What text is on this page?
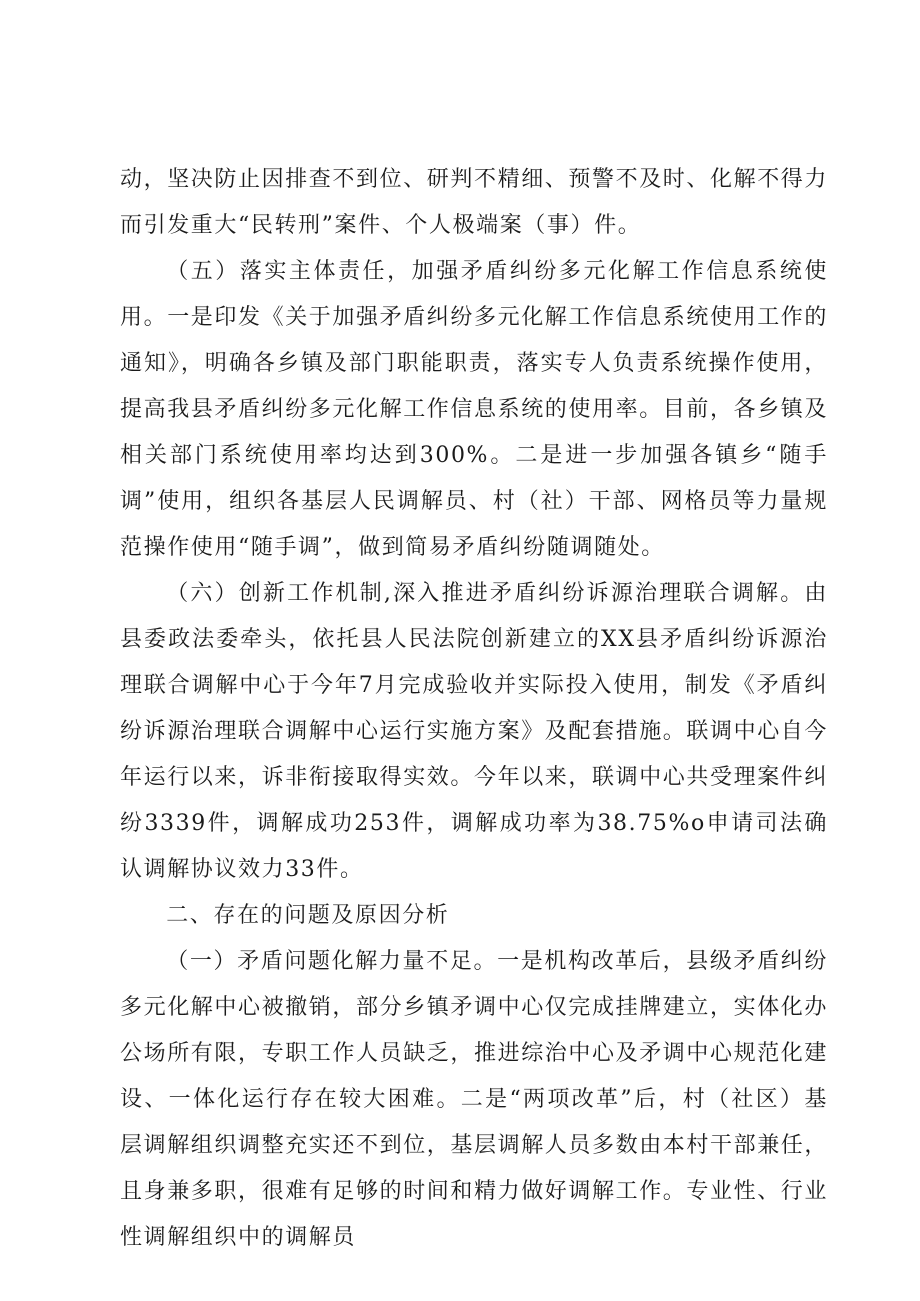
动，坚决防止因排查不到位、研判不精细、预警不及时、化解不得力而引发重大“民转刑”案件、个人极端案（事）件。

（五）落实主体责任，加强矛盾纠纷多元化解工作信息系统使用。一是印发《关于加强矛盾纠纷多元化解工作信息系统使用工作的通知》，明确各乡镇及部门职能职责，落实专人负责系统操作使用，提高我县矛盾纠纷多元化解工作信息系统的使用率。目前，各乡镇及相关部门系统使用率均达到300%。二是进一步加强各镇乡“随手调”使用，组织各基层人民调解员、村（社）干部、网格员等力量规范操作使用“随手调”，做到简易矛盾纠纷随调随处。

（六）创新工作机制,深入推进矛盾纠纷诉源治理联合调解。由县委政法委牵头，依托县人民法院创新建立的XX县矛盾纠纷诉源治理联合调解中心于今年7月完成验收并实际投入使用，制发《矛盾纠纷诉源治理联合调解中心运行实施方案》及配套措施。联调中心自今年运行以来，诉非衔接取得实效。今年以来，联调中心共受理案件纠纷3339件，调解成功253件，调解成功率为38.75%o申请司法确认调解协议效力33件。

二、存在的问题及原因分析

（一）矛盾问题化解力量不足。一是机构改革后，县级矛盾纠纷多元化解中心被撤销，部分乡镇矛调中心仅完成挂牌建立，实体化办公场所有限，专职工作人员缺乏，推进综治中心及矛调中心规范化建设、一体化运行存在较大困难。二是“两项改革”后，村（社区）基层调解组织调整充实还不到位，基层调解人员多数由本村干部兼任，且身兼多职，很难有足够的时间和精力做好调解工作。专业性、行业性调解组织中的调解员
